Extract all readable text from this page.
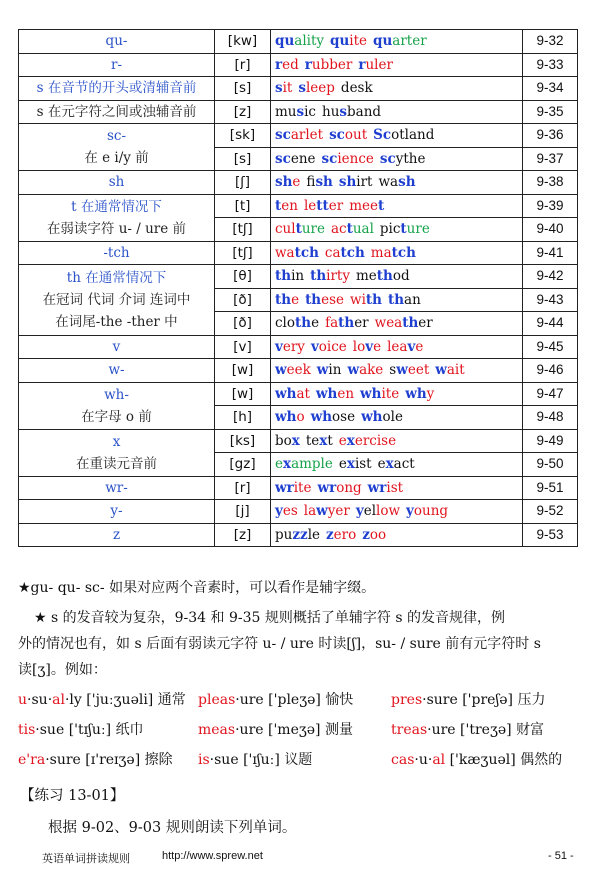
qu-	[kw]	quality quite quarter	9-32

r-	[r]	red rubber ruler	9-33

s 在音节的开头或清辅音前	[s]	sit sleep desk	9-34

s 在元字符之间或浊辅音前	[z]	music husband	9-35

sc-
在 e i/y 前	[sk]	scarlet scout Scotland	9-36
	[s]	scene science scythe	9-37

sh	[ʃ]	she fish shirt wash	9-38

t 在通常情况下
在弱读字符 u- / ure 前	[t]	ten letter meet	9-39
	[tʃ]	culture actual picture	9-40

-tch	[tʃ]	watch catch match	9-41

th 在通常情况下
在冠词 代词 介词 连词中
在词尾-the -ther 中	[θ]	thin thirty method	9-42
	[ð]	the these with than	9-43
	[ð]	clothe father weather	9-44

v	[v]	very voice love leave	9-45

w-	[w]	week win wake sweet wait	9-46

wh-
在字母 o 前	[w]	what when white why	9-47
	[h]	who whose whole	9-48

x
在重读元音前	[ks]	box text exercise	9-49
	[gz]	example exist exact	9-50

wr-	[r]	write wrong wrist	9-51

y-	[j]	yes lawyer yellow young	9-52

z	[z]	puzzle zero zoo	9-53
★gu- qu- sc- 如果对应两个音素时，可以看作是辅字缀。
★ s 的发音较为复杂，9-34 和 9-35 规则概括了单辅字符 s 的发音规律，例
外的情况也有，如 s 后面有弱读元字符 u- / ure 时读[ʃ]，su- / sure 前有元字符时 s
读[ʒ]。例如：
u·su·al·ly ['juːʒuəli] 通常 pleas·ure ['pleʒə] 愉快	pres·sure ['preʃə] 压力
tis·sue ['tɪʃuː] 纸巾	meas·ure ['meʒə] 测量	treas·ure ['treʒə] 财富
e'ra·sure [ɪ'reɪʒə] 擦除 is·sue ['ɪʃuː] 议题	cas·u·al ['kæʒuəl] 偶然的
【练习 13-01】
根据 9-02、9-03 规则朗读下列单词。
英语单词拼读规则	http://www.sprew.net	- 51 -
